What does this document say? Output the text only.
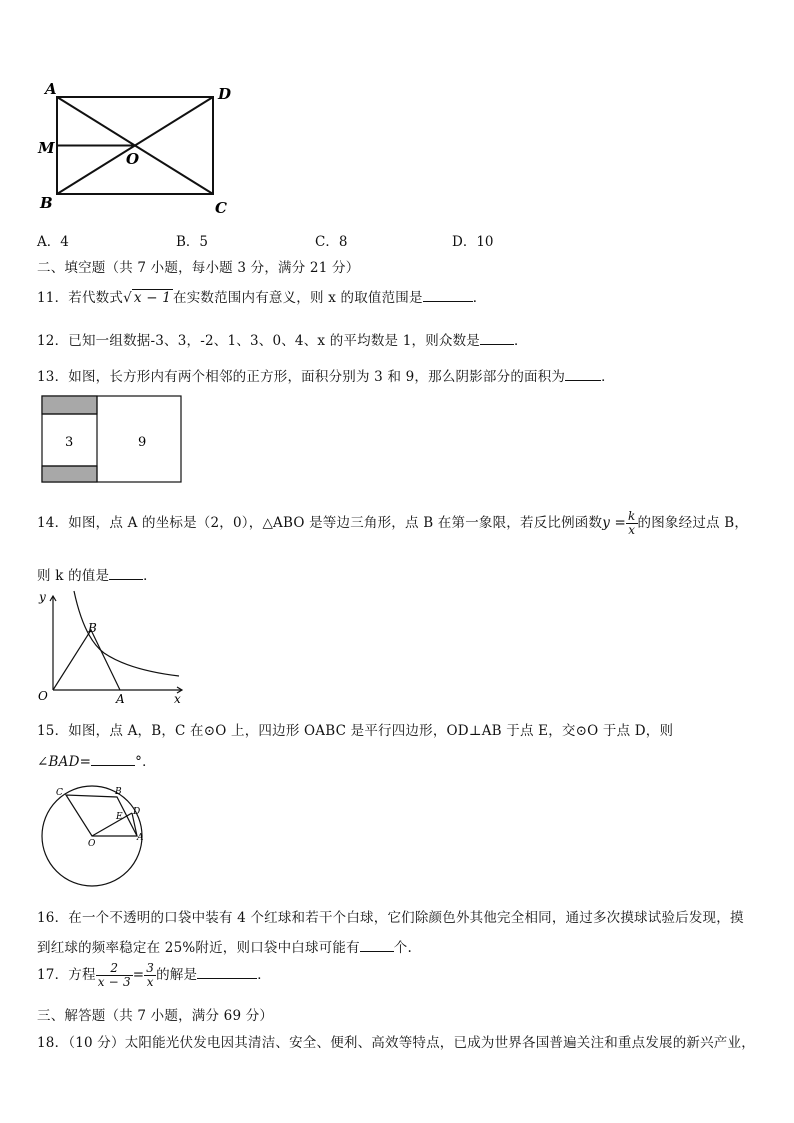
A	D
M
O
B	C
A．4	B．5	C．8	D．10
二、填空题（共 7 小题，每小题 3 分，满分 21 分）
11．若代数式√ x − 1 在实数范围内有意义，则 x 的取值范围是	．
12．已知一组数据-3、3，-2、1、3、0、4、x 的平均数是 1，则众数是	．
13．如图，长方形内有两个相邻的正方形，面积分别为 3 和 9，那么阴影部分的面积为	．
3	9
14．如图，点 A 的坐标是（2，0），△ABO 是等边三角形，点 B 在第一象限，若反比例函数$y = \frac{k}{x}$ 的图象经过点 B，
则 k 的值是	．
y
B
O	A	x
15．如图，点 A，B，C 在⊙O 上，四边形 OABC 是平行四边形，OD⊥AB 于点 E，交⊙O 于点 D，则
∠BAD=	°．
C	B
D
E
O
A
16．在一个不透明的口袋中装有 4 个红球和若干个白球，它们除颜色外其他完全相同，通过多次摸球试验后发现，摸
到红球的频率稳定在 25%附近，则口袋中白球可能有	个.
17．方程 $\frac{2}{x - 3} = \frac{3}{x}$ 的解是	．
三、解答题（共 7 小题，满分 69 分）
18．（10 分）太阳能光伏发电因其清洁、安全、便利、高效等特点，已成为世界各国普遍关注和重点发展的新兴产业，
